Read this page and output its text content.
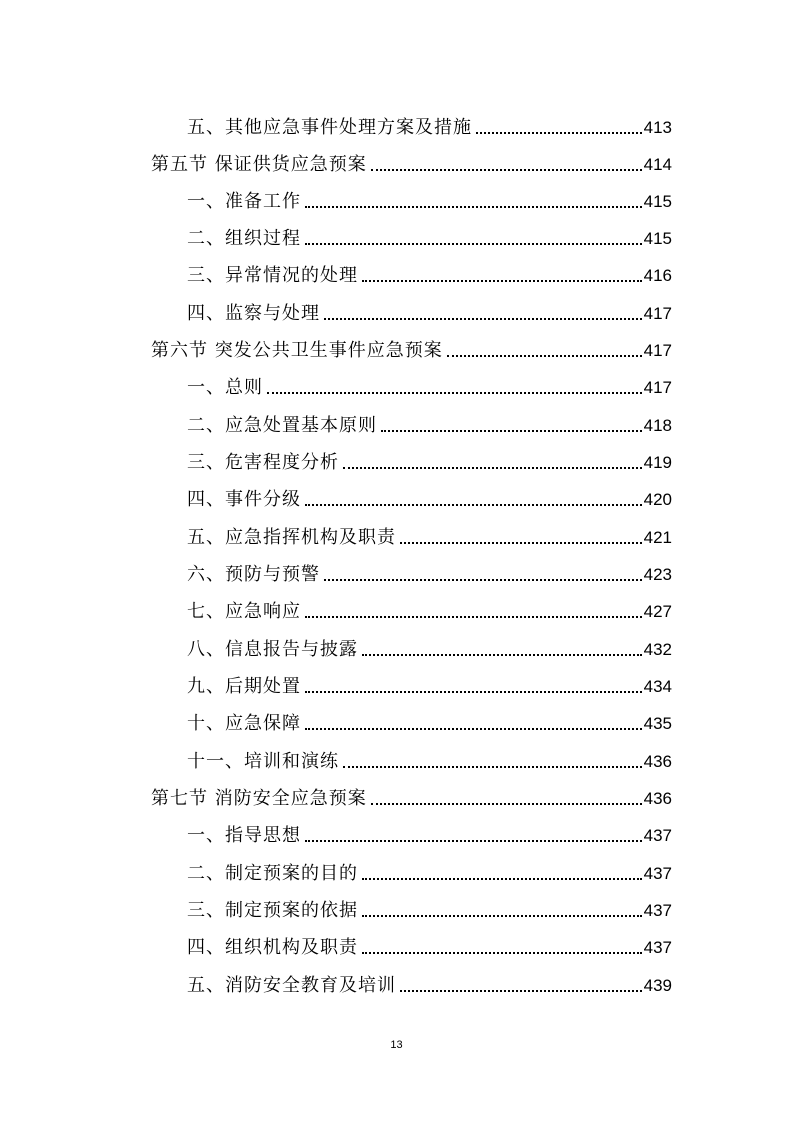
五、其他应急事件处理方案及措施	413
第五节 保证供货应急预案	414
一、准备工作	415
二、组织过程	415
三、异常情况的处理	416
四、监察与处理	417
第六节 突发公共卫生事件应急预案	417
一、总则	417
二、应急处置基本原则	418
三、危害程度分析	419
四、事件分级	420
五、应急指挥机构及职责	421
六、预防与预警	423
七、应急响应	427
八、信息报告与披露	432
九、后期处置	434
十、应急保障	435
十一、培训和演练	436
第七节 消防安全应急预案	436
一、指导思想	437
二、制定预案的目的	437
三、制定预案的依据	437
四、组织机构及职责	437
五、消防安全教育及培训	439
13
